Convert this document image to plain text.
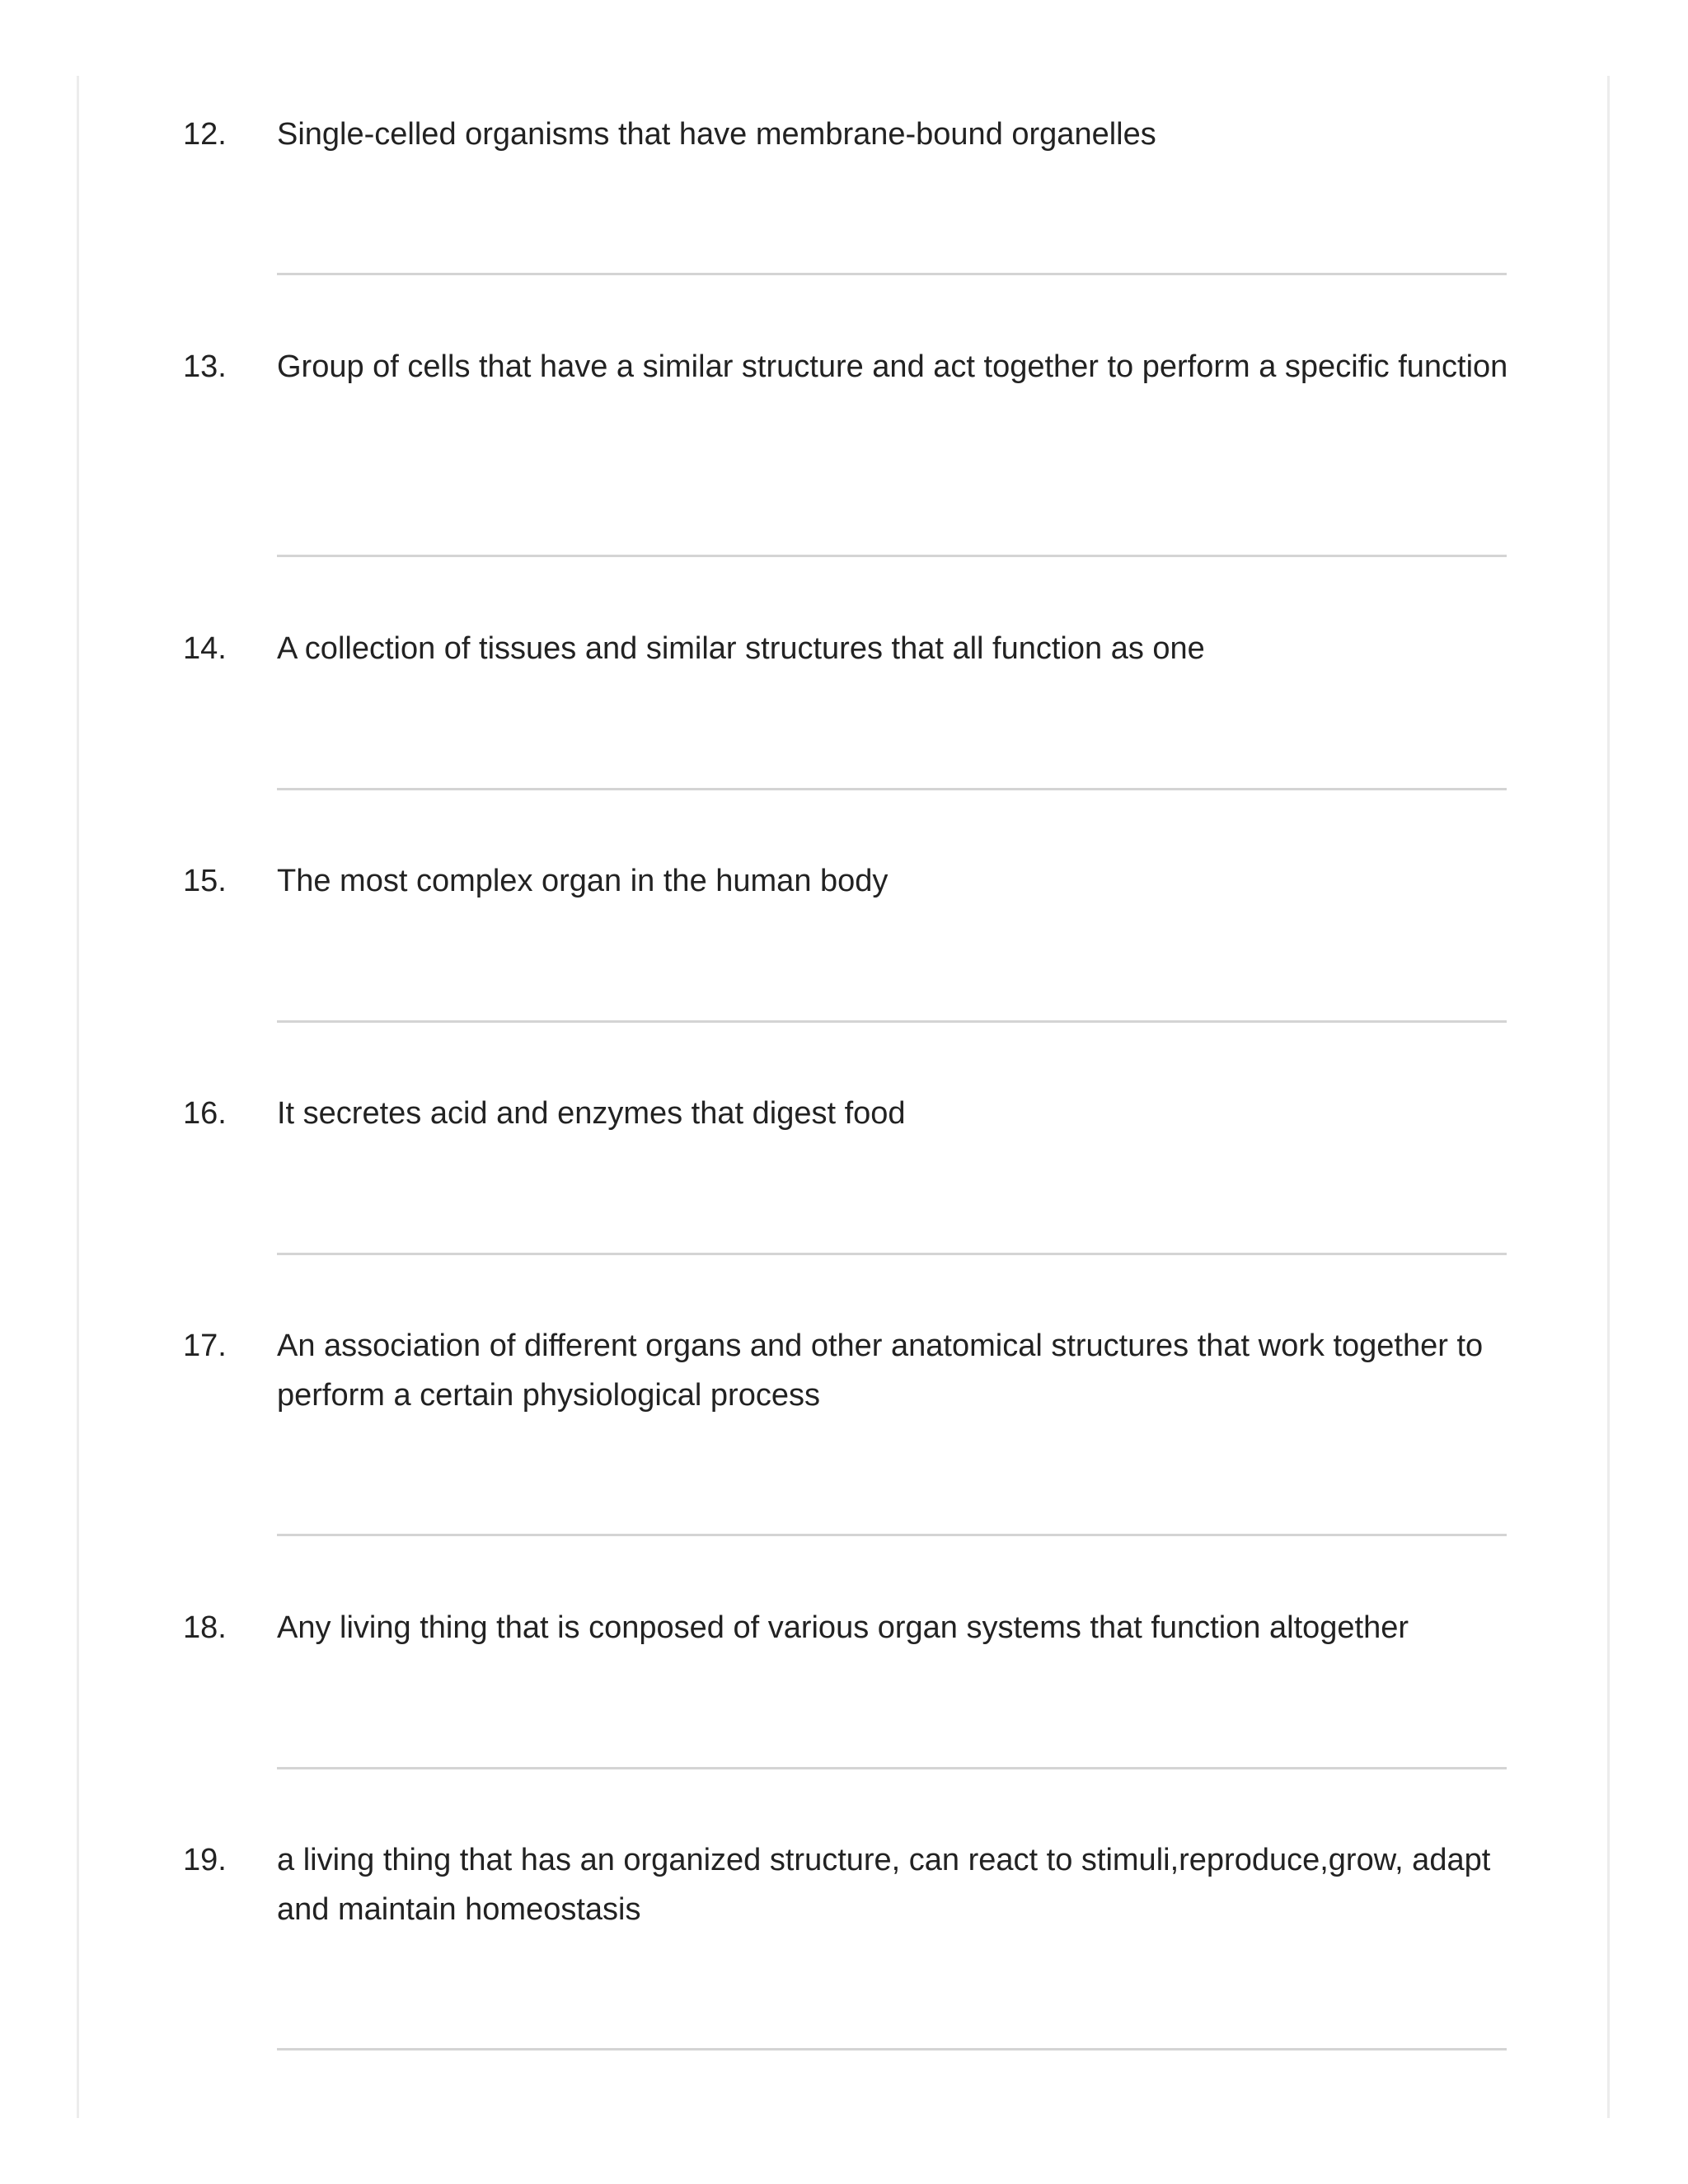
12. Single-celled organisms that have membrane-bound organelles
13. Group of cells that have a similar structure and act together to perform a specific function
14. A collection of tissues and similar structures that all function as one
15. The most complex organ in the human body
16. It secretes acid and enzymes that digest food
17. An association of different organs and other anatomical structures that work together to perform a certain physiological process
18. Any living thing that is conposed of various organ systems that function altogether
19. a living thing that has an organized structure, can react to stimuli,reproduce,grow, adapt and maintain homeostasis
